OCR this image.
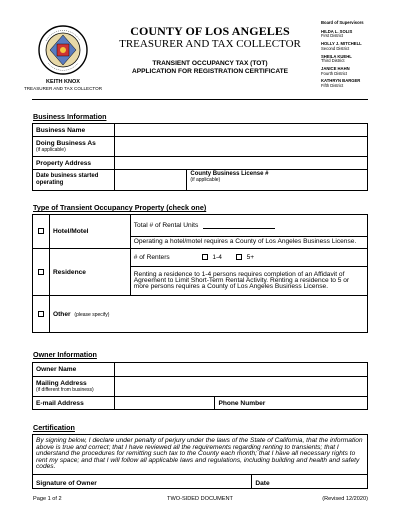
KEITH KNOX
TREASURER AND TAX COLLECTOR
COUNTY OF LOS ANGELES
TREASURER AND TAX COLLECTOR
TRANSIENT OCCUPANCY TAX (TOT)
APPLICATION FOR REGISTRATION CERTIFICATE
Board of Supervisors
HILDA L. SOLIS
First District
HOLLY J. MITCHELL
Second District
SHEILA KUEHL
Third District
JANICE HAHN
Fourth District
KATHRYN BARGER
Fifth District
Business Information
Business Name		

Doing Business As
(if applicable)		

Property Address		
Date business started operating		County Business License #
(if applicable)
Type of Transient Occupancy Property (check one)
	Hotel/Motel	Total # of Rental Units
		Operating a hotel/motel requires a County of Los Angeles Business License.
	Residence	# of Renters 1-4 5+
		Renting a residence to 1-4 persons requires completion of an Affidavit of Agreement to Limit Short-Term Rental Activity. Renting a residence to 5 or more persons requires a County of Los Angeles Business License.
	Other (please specify)	
Owner Information
Owner Name		

Mailing Address
(if different from business)		

E-mail Address		Phone Number
Certification
By signing below, I declare under penalty of perjury under the laws of the State of California, that the information above is true and correct; that I have reviewed all the requirements regarding renting to transients; that I understand the procedures for remitting such tax to the County each month; that I have all necessary rights to rent my space; and that I will follow all applicable laws and regulations, including building and health and safety codes.
Signature of Owner	Date
Page 1 of 2	TWO-SIDED DOCUMENT	(Revised 12/2020)
